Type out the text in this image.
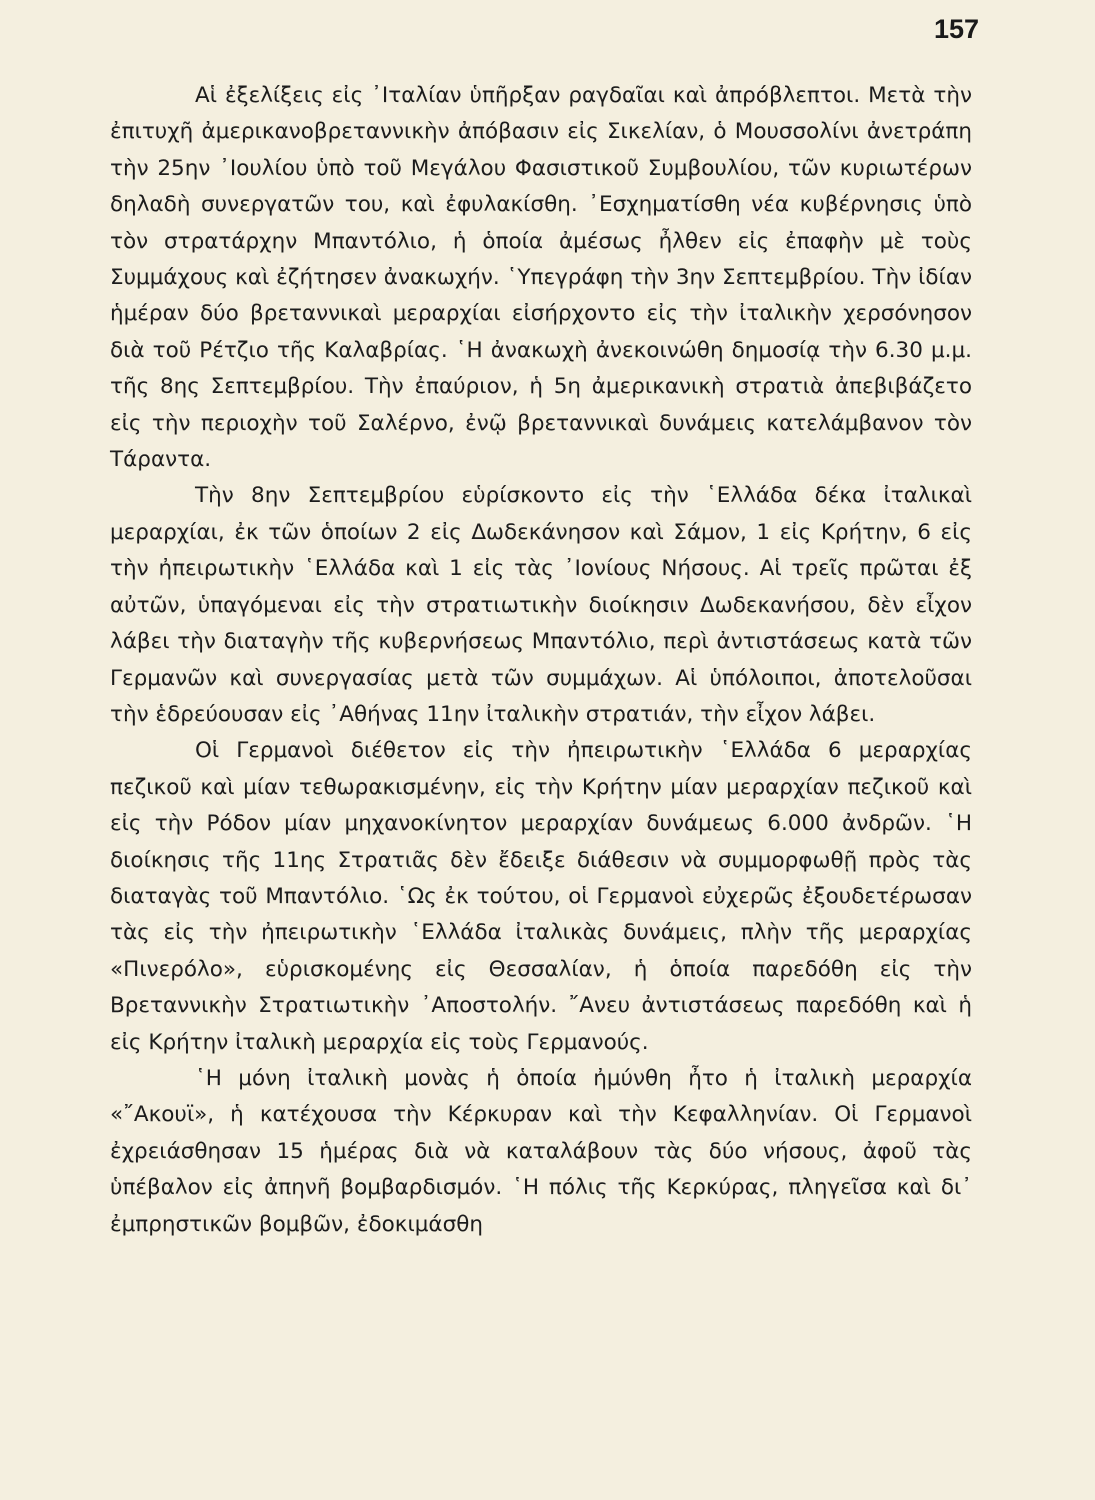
157

Αἱ ἐξελίξεις εἰς ᾿Ιταλίαν ὑπῆρξαν ραγδαῖαι καὶ ἀπρόβλεπτοι. Μετὰ τὴν ἐπιτυχῆ ἀμερικανοβρεταννικὴν ἀπόβασιν εἰς Σικελίαν, ὁ Μουσσολίνι ἀνετράπη τὴν 25ην ᾿Ιουλίου ὑπὸ τοῦ Μεγάλου Φασιστικοῦ Συμβουλίου, τῶν κυριωτέρων δηλαδὴ συνεργατῶν του, καὶ ἐφυλακίσθη. ᾿Εσχηματίσθη νέα κυβέρνησις ὑπὸ τὸν στρατάρχην Μπαντόλιο, ἡ ὁποία ἀμέσως ἦλθεν εἰς ἐπαφὴν μὲ τοὺς Συμμάχους καὶ ἐζήτησεν ἀνακωχήν. ῾Υπεγράφη τὴν 3ην Σεπτεμβρίου. Τὴν ἰδίαν ἡμέραν δύο βρεταννικαὶ μεραρχίαι εἰσήρχοντο εἰς τὴν ἰταλικὴν χερσόνησον διὰ τοῦ Ρέτζιο τῆς Καλαβρίας. ῾Η ἀνακωχὴ ἀνεκοινώθη δημοσίᾳ τὴν 6.30 μ.μ. τῆς 8ης Σεπτεμβρίου. Τὴν ἐπαύριον, ἡ 5η ἀμερικανικὴ στρατιὰ ἀπεβιβάζετο εἰς τὴν περιοχὴν τοῦ Σαλέρνο, ἐνῷ βρεταννικαὶ δυνάμεις κατελάμβανον τὸν Τάραντα.

Τὴν 8ην Σεπτεμβρίου εὑρίσκοντο εἰς τὴν ῾Ελλάδα δέκα ἰταλικαὶ μεραρχίαι, ἐκ τῶν ὁποίων 2 εἰς Δωδεκάνησον καὶ Σάμον, 1 εἰς Κρήτην, 6 εἰς τὴν ἠπειρωτικὴν ῾Ελλάδα καὶ 1 εἰς τὰς ᾿Ιονίους Νήσους. Αἱ τρεῖς πρῶται ἐξ αὐτῶν, ὑπαγόμεναι εἰς τὴν στρατιωτικὴν διοίκησιν Δωδεκανήσου, δὲν εἶχον λάβει τὴν διαταγὴν τῆς κυβερνήσεως Μπαντόλιο, περὶ ἀντιστάσεως κατὰ τῶν Γερμανῶν καὶ συνεργασίας μετὰ τῶν συμμάχων. Αἱ ὑπόλοιποι, ἀποτελοῦσαι τὴν ἑδρεύουσαν εἰς ᾿Αθήνας 11ην ἰταλικὴν στρατιάν, τὴν εἶχον λάβει.

Οἱ Γερμανοὶ διέθετον εἰς τὴν ἠπειρωτικὴν ῾Ελλάδα 6 μεραρχίας πεζικοῦ καὶ μίαν τεθωρακισμένην, εἰς τὴν Κρήτην μίαν μεραρχίαν πεζικοῦ καὶ εἰς τὴν Ρόδον μίαν μηχανοκίνητον μεραρχίαν δυνάμεως 6.000 ἀνδρῶν. ῾Η διοίκησις τῆς 11ης Στρατιᾶς δὲν ἔδειξε διάθεσιν νὰ συμμορφωθῇ πρὸς τὰς διαταγὰς τοῦ Μπαντόλιο. ῾Ως ἐκ τούτου, οἱ Γερμανοὶ εὐχερῶς ἐξουδετέρωσαν τὰς εἰς τὴν ἠπειρωτικὴν ῾Ελλάδα ἰταλικὰς δυνάμεις, πλὴν τῆς μεραρχίας «Πινερόλο», εὑρισκομένης εἰς Θεσσαλίαν, ἡ ὁποία παρεδόθη εἰς τὴν Βρεταννικὴν Στρατιωτικὴν ᾿Αποστολήν. ῎Ανευ ἀντιστάσεως παρεδόθη καὶ ἡ εἰς Κρήτην ἰταλικὴ μεραρχία εἰς τοὺς Γερμανούς.

῾Η μόνη ἰταλικὴ μονὰς ἡ ὁποία ἠμύνθη ἦτο ἡ ἰταλικὴ μεραρχία «῎Ακουϊ», ἡ κατέχουσα τὴν Κέρκυραν καὶ τὴν Κεφαλληνίαν. Οἱ Γερμανοὶ ἐχρειάσθησαν 15 ἡμέρας διὰ νὰ καταλάβουν τὰς δύο νήσους, ἀφοῦ τὰς ὑπέβαλον εἰς ἀπηνῆ βομβαρδισμόν. ῾Η πόλις τῆς Κερκύρας, πληγεῖσα καὶ δι᾿ ἐμπρηστικῶν βομβῶν, ἐδοκιμάσθη
